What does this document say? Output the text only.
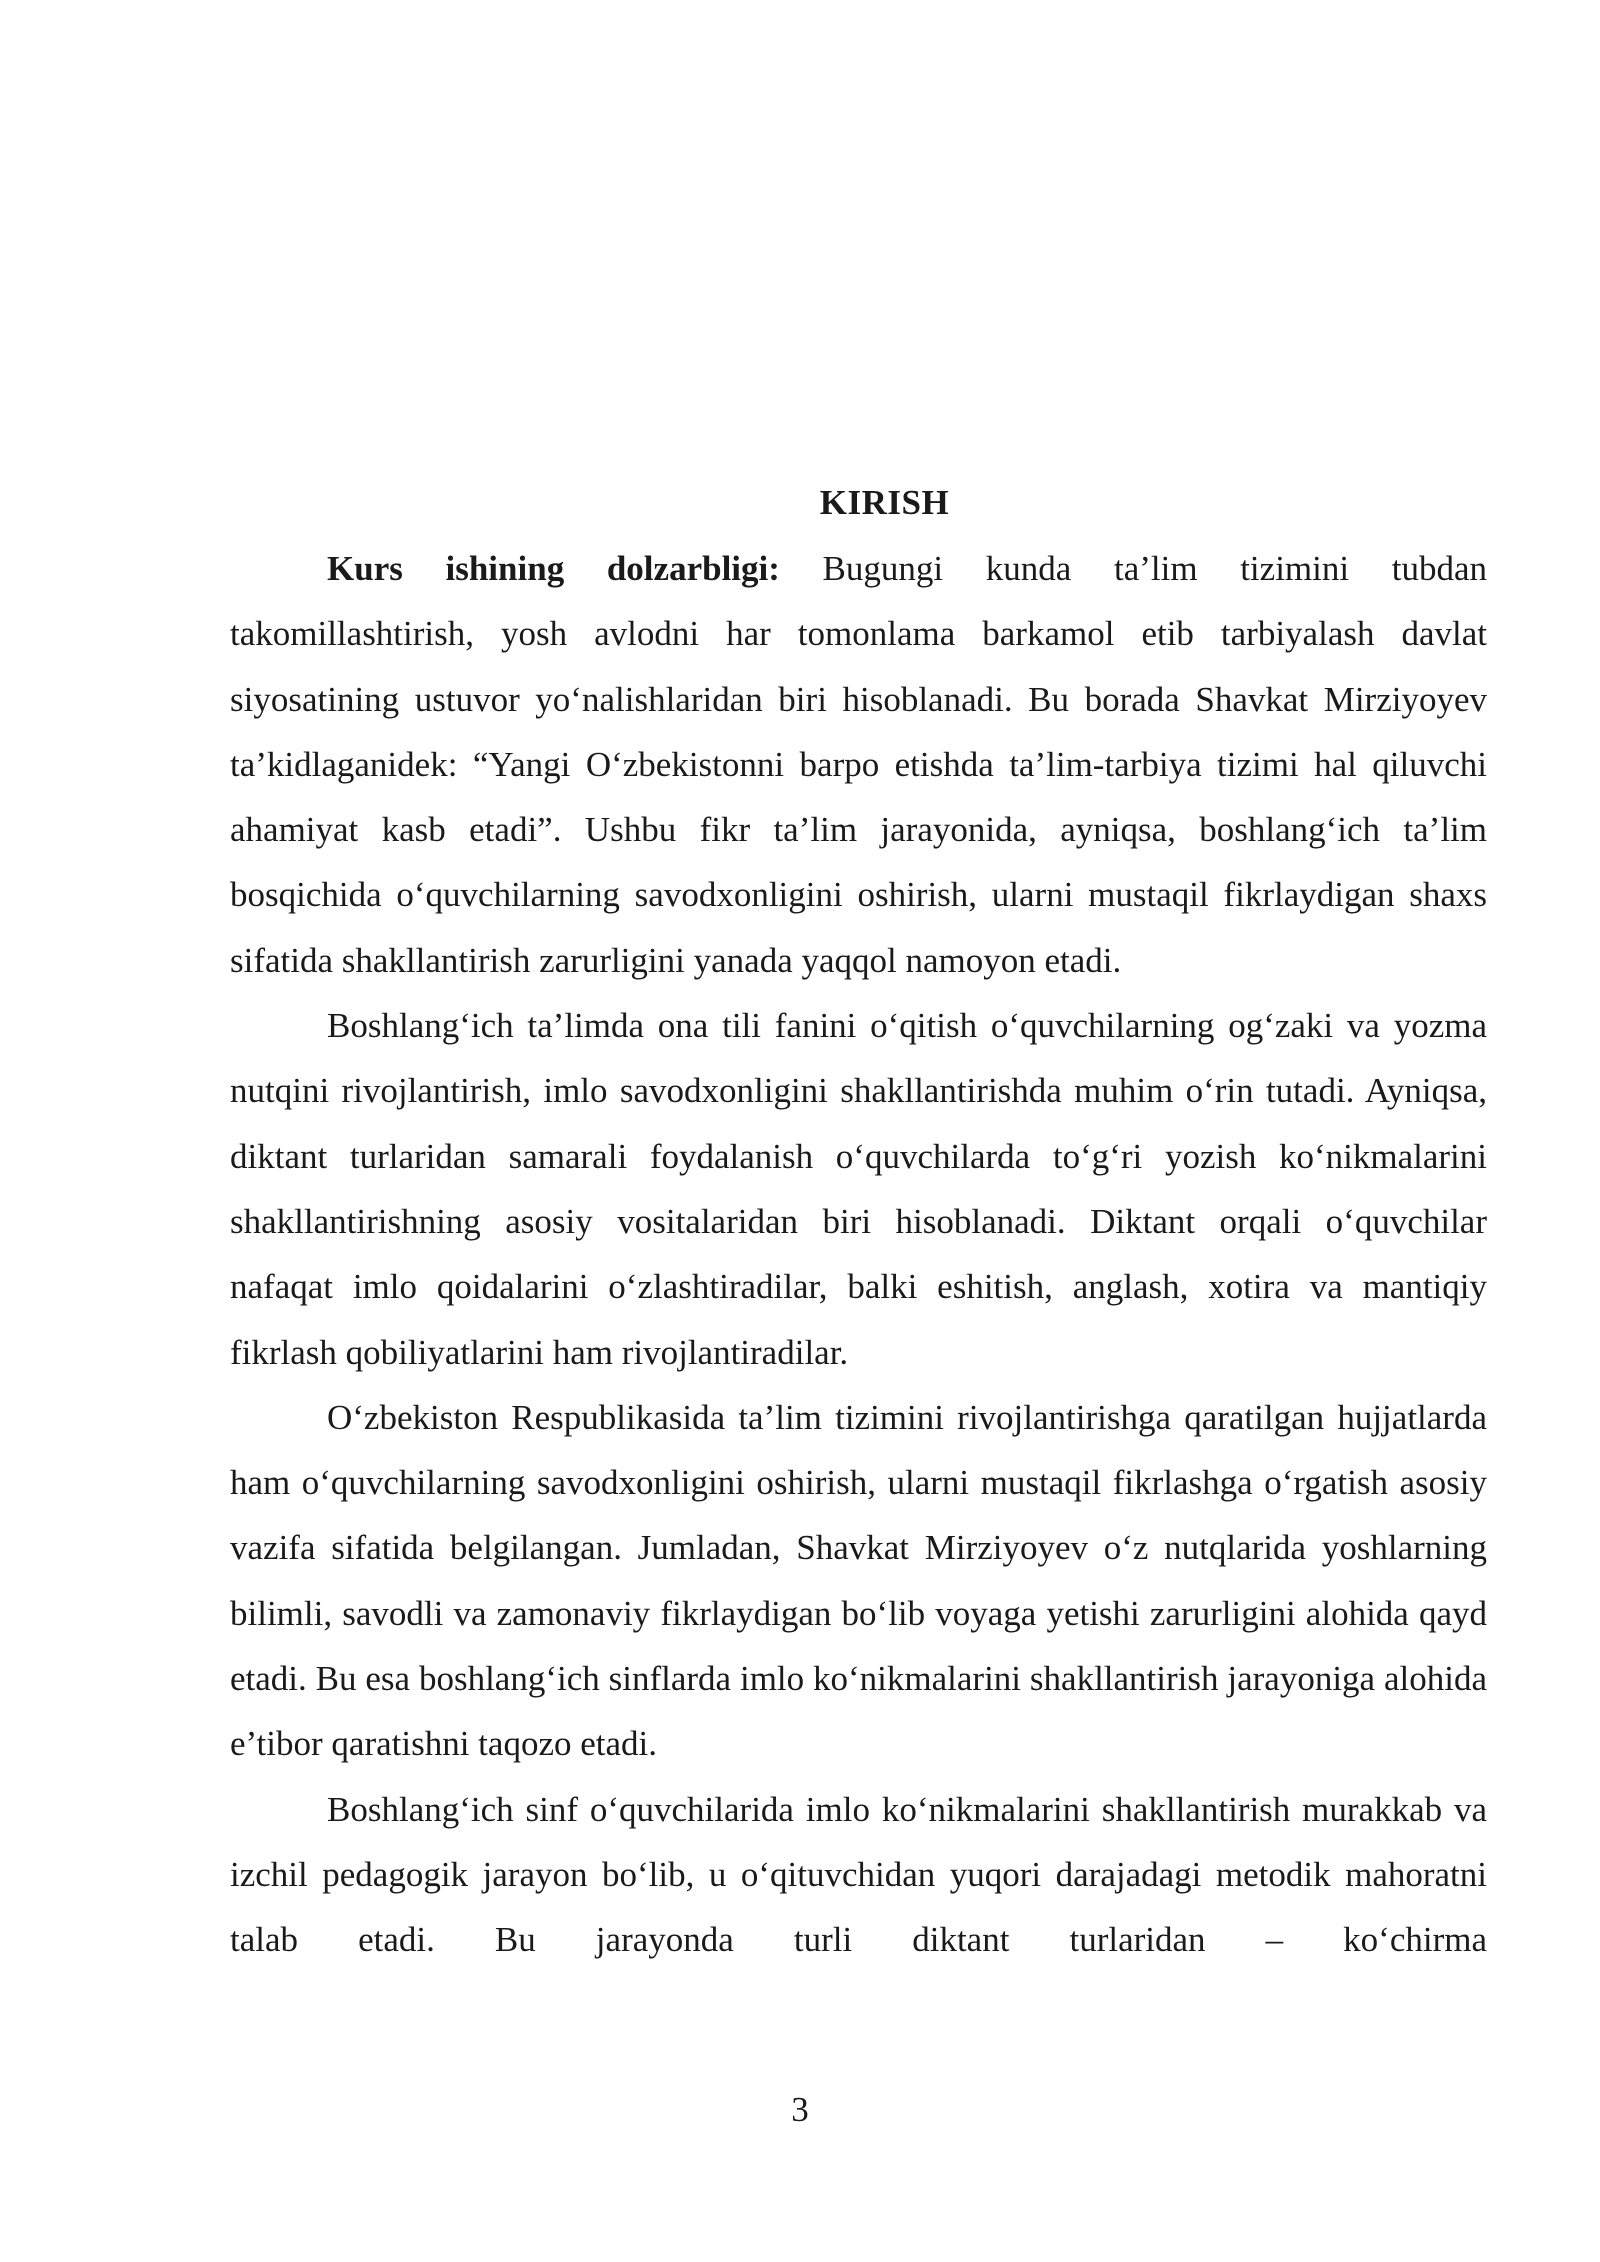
KIRISH

Kurs ishining dolzarbligi: Bugungi kunda ta’lim tizimini tubdan takomillashtirish, yosh avlodni har tomonlama barkamol etib tarbiyalash davlat siyosatining ustuvor yo‘nalishlaridan biri hisoblanadi. Bu borada Shavkat Mirziyoyev ta’kidlaganidek: “Yangi O‘zbekistonni barpo etishda ta’lim-tarbiya tizimi hal qiluvchi ahamiyat kasb etadi”. Ushbu fikr ta’lim jarayonida, ayniqsa, boshlang‘ich ta’lim bosqichida o‘quvchilarning savodxonligini oshirish, ularni mustaqil fikrlaydigan shaxs sifatida shakllantirish zarurligini yanada yaqqol namoyon etadi.

Boshlang‘ich ta’limda ona tili fanini o‘qitish o‘quvchilarning og‘zaki va yozma nutqini rivojlantirish, imlo savodxonligini shakllantirishda muhim o‘rin tutadi. Ayniqsa, diktant turlaridan samarali foydalanish o‘quvchilarda to‘g‘ri yozish ko‘nikmalarini shakllantirishning asosiy vositalaridan biri hisoblanadi. Diktant orqali o‘quvchilar nafaqat imlo qoidalarini o‘zlashtiradilar, balki eshitish, anglash, xotira va mantiqiy fikrlash qobiliyatlarini ham rivojlantiradilar.

O‘zbekiston Respublikasida ta’lim tizimini rivojlantirishga qaratilgan hujjatlarda ham o‘quvchilarning savodxonligini oshirish, ularni mustaqil fikrlashga o‘rgatish asosiy vazifa sifatida belgilangan. Jumladan, Shavkat Mirziyoyev o‘z nutqlarida yoshlarning bilimli, savodli va zamonaviy fikrlaydigan bo‘lib voyaga yetishi zarurligini alohida qayd etadi. Bu esa boshlang‘ich sinflarda imlo ko‘nikmalarini shakllantirish jarayoniga alohida e’tibor qaratishni taqozo etadi.

Boshlang‘ich sinf o‘quvchilarida imlo ko‘nikmalarini shakllantirish murakkab va izchil pedagogik jarayon bo‘lib, u o‘qituvchidan yuqori darajadagi metodik mahoratni talab etadi. Bu jarayonda turli diktant turlaridan – ko‘chirma

3
